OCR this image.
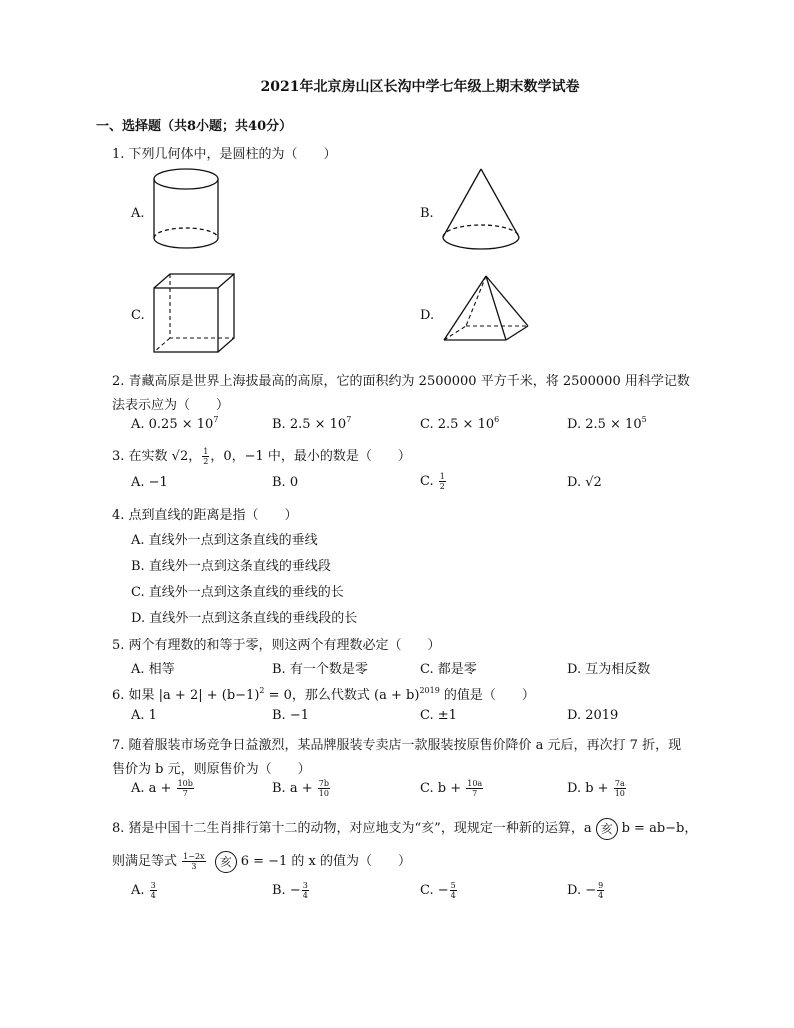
2021年北京房山区长沟中学七年级上期末数学试卷
一、选择题（共8小题；共40分）
1. 下列几何体中，是圆柱的为（　　）
A.	B.
C.	D.
2. 青藏高原是世界上海拔最高的高原，它的面积约为 2500000 平方千米，将 2500000 用科学记数
法表示应为（　　）
A. $0.25 \times 10^7$	B. $2.5 \times 10^7$	C. $2.5 \times 10^6$	D. $2.5 \times 10^5$
3. 在实数 √2， $\frac{1}{2}$ ，0，−1 中，最小的数是（　　）
A. −1	B. 0	C. $\frac{1}{2}$	D. √2
4. 点到直线的距离是指（　　）
A. 直线外一点到这条直线的垂线
B. 直线外一点到这条直线的垂线段
C. 直线外一点到这条直线的垂线的长
D. 直线外一点到这条直线的垂线段的长
5. 两个有理数的和等于零，则这两个有理数必定（　　）
A. 相等	B. 有一个数是零	C. 都是零	D. 互为相反数
6. 如果 $|a + 2| + (b-1)^2 = 0$，那么代数式 $(a + b)^{2019}$ 的值是（　　）
A. 1	B. −1	C. ±1	D. 2019
7. 随着服装市场竞争日益激烈，某品牌服装专卖店一款服装按原售价降价 a 元后，再次打 7 折，现
售价为 b 元，则原售价为（　　）
A. $a + \frac{10b}{7}$	B. $a + \frac{7b}{10}$	C. $b + \frac{10a}{7}$	D. $b + \frac{7a}{10}$
8. 猪是中国十二生肖排行第十二的动物，对应地支为“亥”，现规定一种新的运算，a 亥 b = ab−b，
则满足等式 $\frac{1-2x}{3}$ 亥 6 = −1 的 x 的值为（　　）
A. $\frac{3}{4}$	B. − $\frac{3}{4}$	C. − $\frac{5}{4}$	D. − $\frac{9}{4}$
